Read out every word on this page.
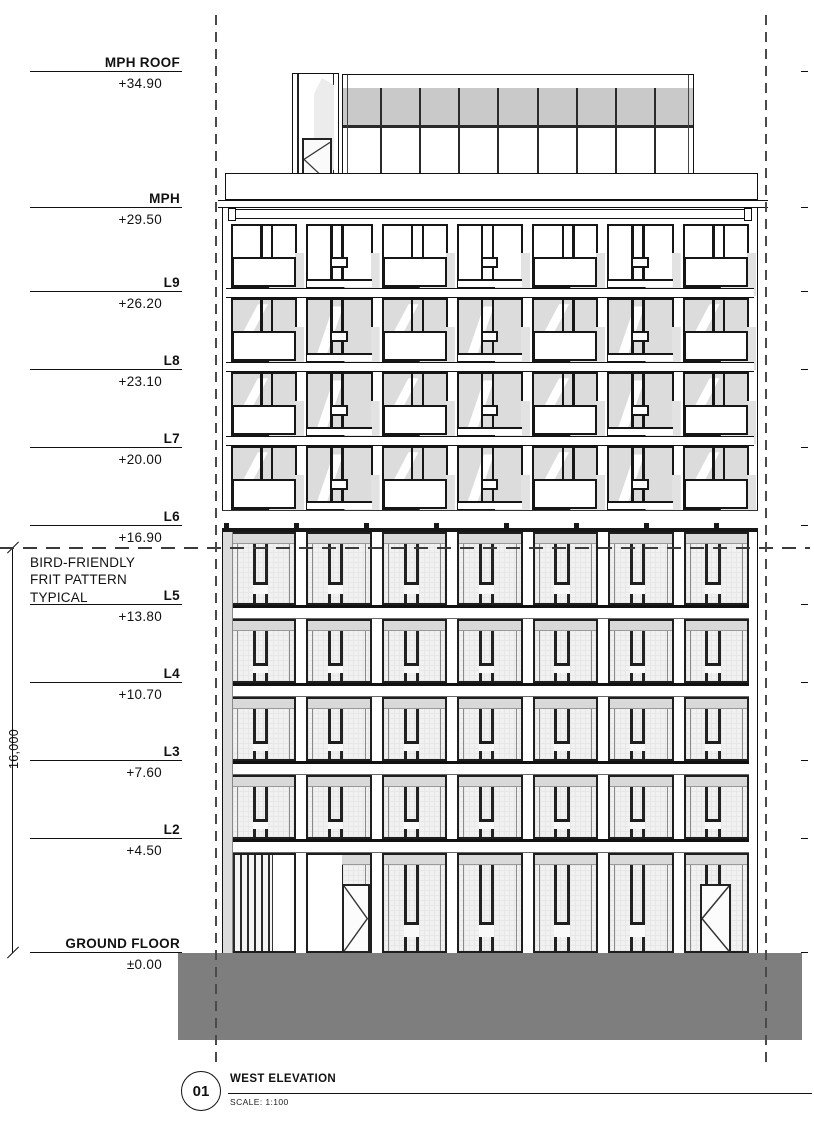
MPH ROOF
+34.90
MPH
+29.50
L9
+26.20
L8
+23.10
L7
+20.00
L6
+16.90
L5
+13.80
L4
+10.70
L3
+7.60
L2
+4.50
GROUND FLOOR
±0.00
16,000
BIRD-FRIENDLY
FRIT PATTERN
TYPICAL
01
WEST ELEVATION
SCALE: 1:100
